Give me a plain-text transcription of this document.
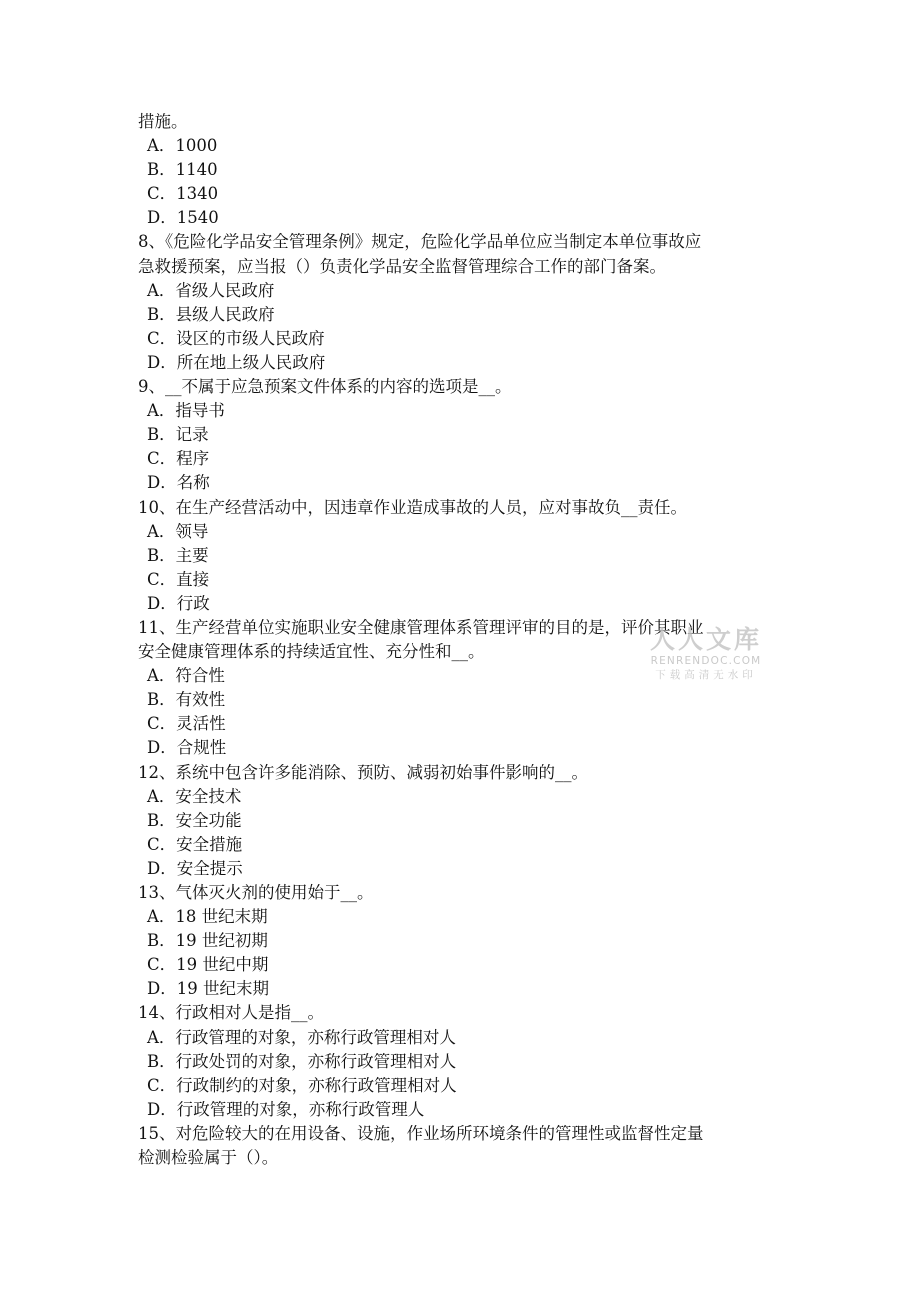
措施。
A．1000
B．1140
C．1340
D．1540
8、《危险化学品安全管理条例》规定，危险化学品单位应当制定本单位事故应
急救援预案，应当报（）负责化学品安全监督管理综合工作的部门备案。
A．省级人民政府
B．县级人民政府
C．设区的市级人民政府
D．所在地上级人民政府
9、__不属于应急预案文件体系的内容的选项是__。
A．指导书
B．记录
C．程序
D．名称
10、在生产经营活动中，因违章作业造成事故的人员，应对事故负__责任。
A．领导
B．主要
C．直接
D．行政
11、生产经营单位实施职业安全健康管理体系管理评审的目的是，评价其职业
安全健康管理体系的持续适宜性、充分性和__。
A．符合性
B．有效性
C．灵活性
D．合规性
12、系统中包含许多能消除、预防、减弱初始事件影响的__。
A．安全技术
B．安全功能
C．安全措施
D．安全提示
13、气体灭火剂的使用始于__。
A．18 世纪末期
B．19 世纪初期
C．19 世纪中期
D．19 世纪末期
14、行政相对人是指__。
A．行政管理的对象，亦称行政管理相对人
B．行政处罚的对象，亦称行政管理相对人
C．行政制约的对象，亦称行政管理相对人
D．行政管理的对象，亦称行政管理人
15、对危险较大的在用设备、设施，作业场所环境条件的管理性或监督性定量
检测检验属于（）。
人人文库
RENRENDOC.COM
下载高清无水印
